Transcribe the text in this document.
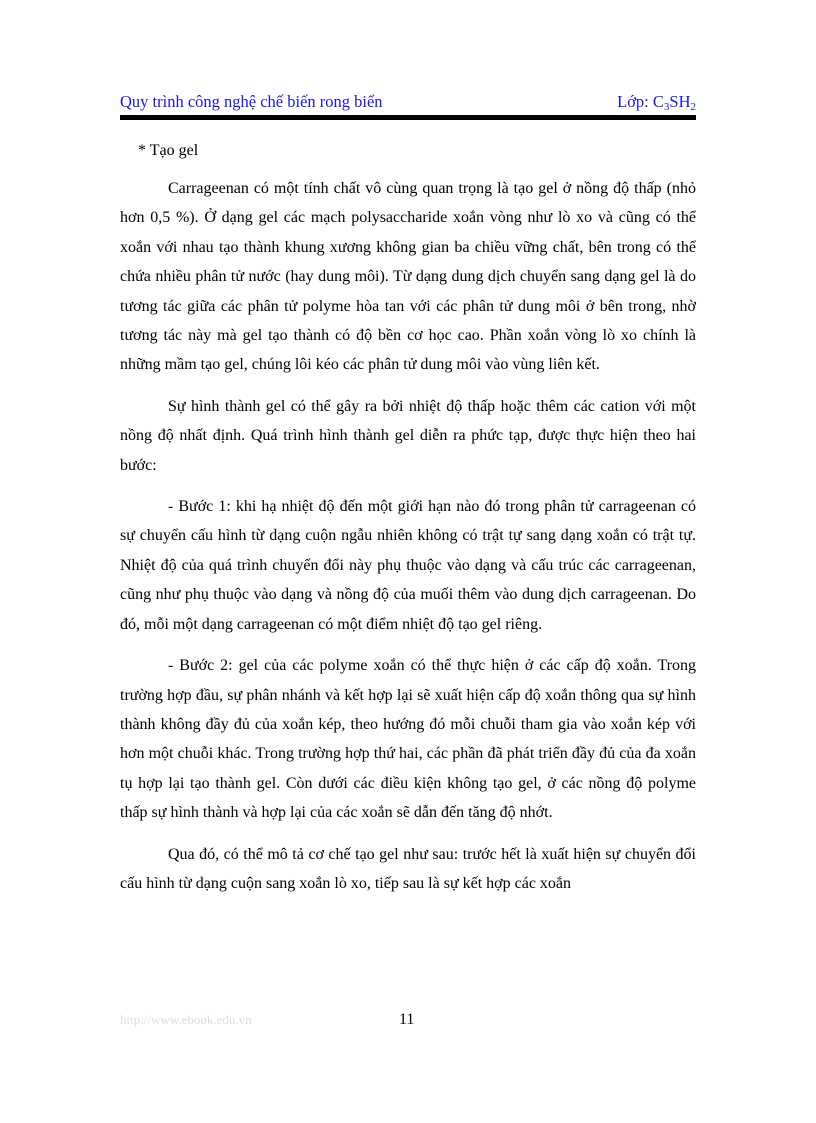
Quy trình công nghệ chế biến rong biển	Lớp: $C_3SH_2$
* Tạo gel

Carrageenan có một tính chất vô cùng quan trọng là tạo gel ở nồng độ thấp (nhỏ hơn 0,5 %). Ở dạng gel các mạch polysaccharide xoắn vòng như lò xo và cũng có thể xoắn với nhau tạo thành khung xương không gian ba chiều vững chất, bên trong có thể chứa nhiều phân tử nước (hay dung môi). Từ dạng dung dịch chuyển sang dạng gel là do tương tác giữa các phân tử polyme hòa tan với các phân tử dung môi ở bên trong, nhờ tương tác này mà gel tạo thành có độ bền cơ học cao. Phần xoắn vòng lò xo chính là những mầm tạo gel, chúng lôi kéo các phân tử dung môi vào vùng liên kết.

Sự hình thành gel có thể gây ra bởi nhiệt độ thấp hoặc thêm các cation với một nồng độ nhất định. Quá trình hình thành gel diễn ra phức tạp, được thực hiện theo hai bước:

- Bước 1: khi hạ nhiệt độ đến một giới hạn nào đó trong phân tử carrageenan có sự chuyển cấu hình từ dạng cuộn ngẫu nhiên không có trật tự sang dạng xoắn có trật tự. Nhiệt độ của quá trình chuyển đổi này phụ thuộc vào dạng và cấu trúc các carrageenan, cũng như phụ thuộc vào dạng và nồng độ của muối thêm vào dung dịch carrageenan. Do đó, mỗi một dạng carrageenan có một điểm nhiệt độ tạo gel riêng.

- Bước 2: gel của các polyme xoắn có thể thực hiện ở các cấp độ xoắn. Trong trường hợp đầu, sự phân nhánh và kết hợp lại sẽ xuất hiện cấp độ xoắn thông qua sự hình thành không đầy đủ của xoắn kép, theo hướng đó mỗi chuỗi tham gia vào xoắn kép với hơn một chuỗi khác. Trong trường hợp thứ hai, các phần đã phát triển đầy đủ của đa xoắn tụ hợp lại tạo thành gel. Còn dưới các điều kiện không tạo gel, ở các nồng độ polyme thấp sự hình thành và hợp lại của các xoắn sẽ dẫn đến tăng độ nhớt.

Qua đó, có thể mô tả cơ chế tạo gel như sau: trước hết là xuất hiện sự chuyển đổi cấu hình từ dạng cuộn sang xoắn lò xo, tiếp sau là sự kết hợp các xoắn

http://www.ebook.edu.vn	11
